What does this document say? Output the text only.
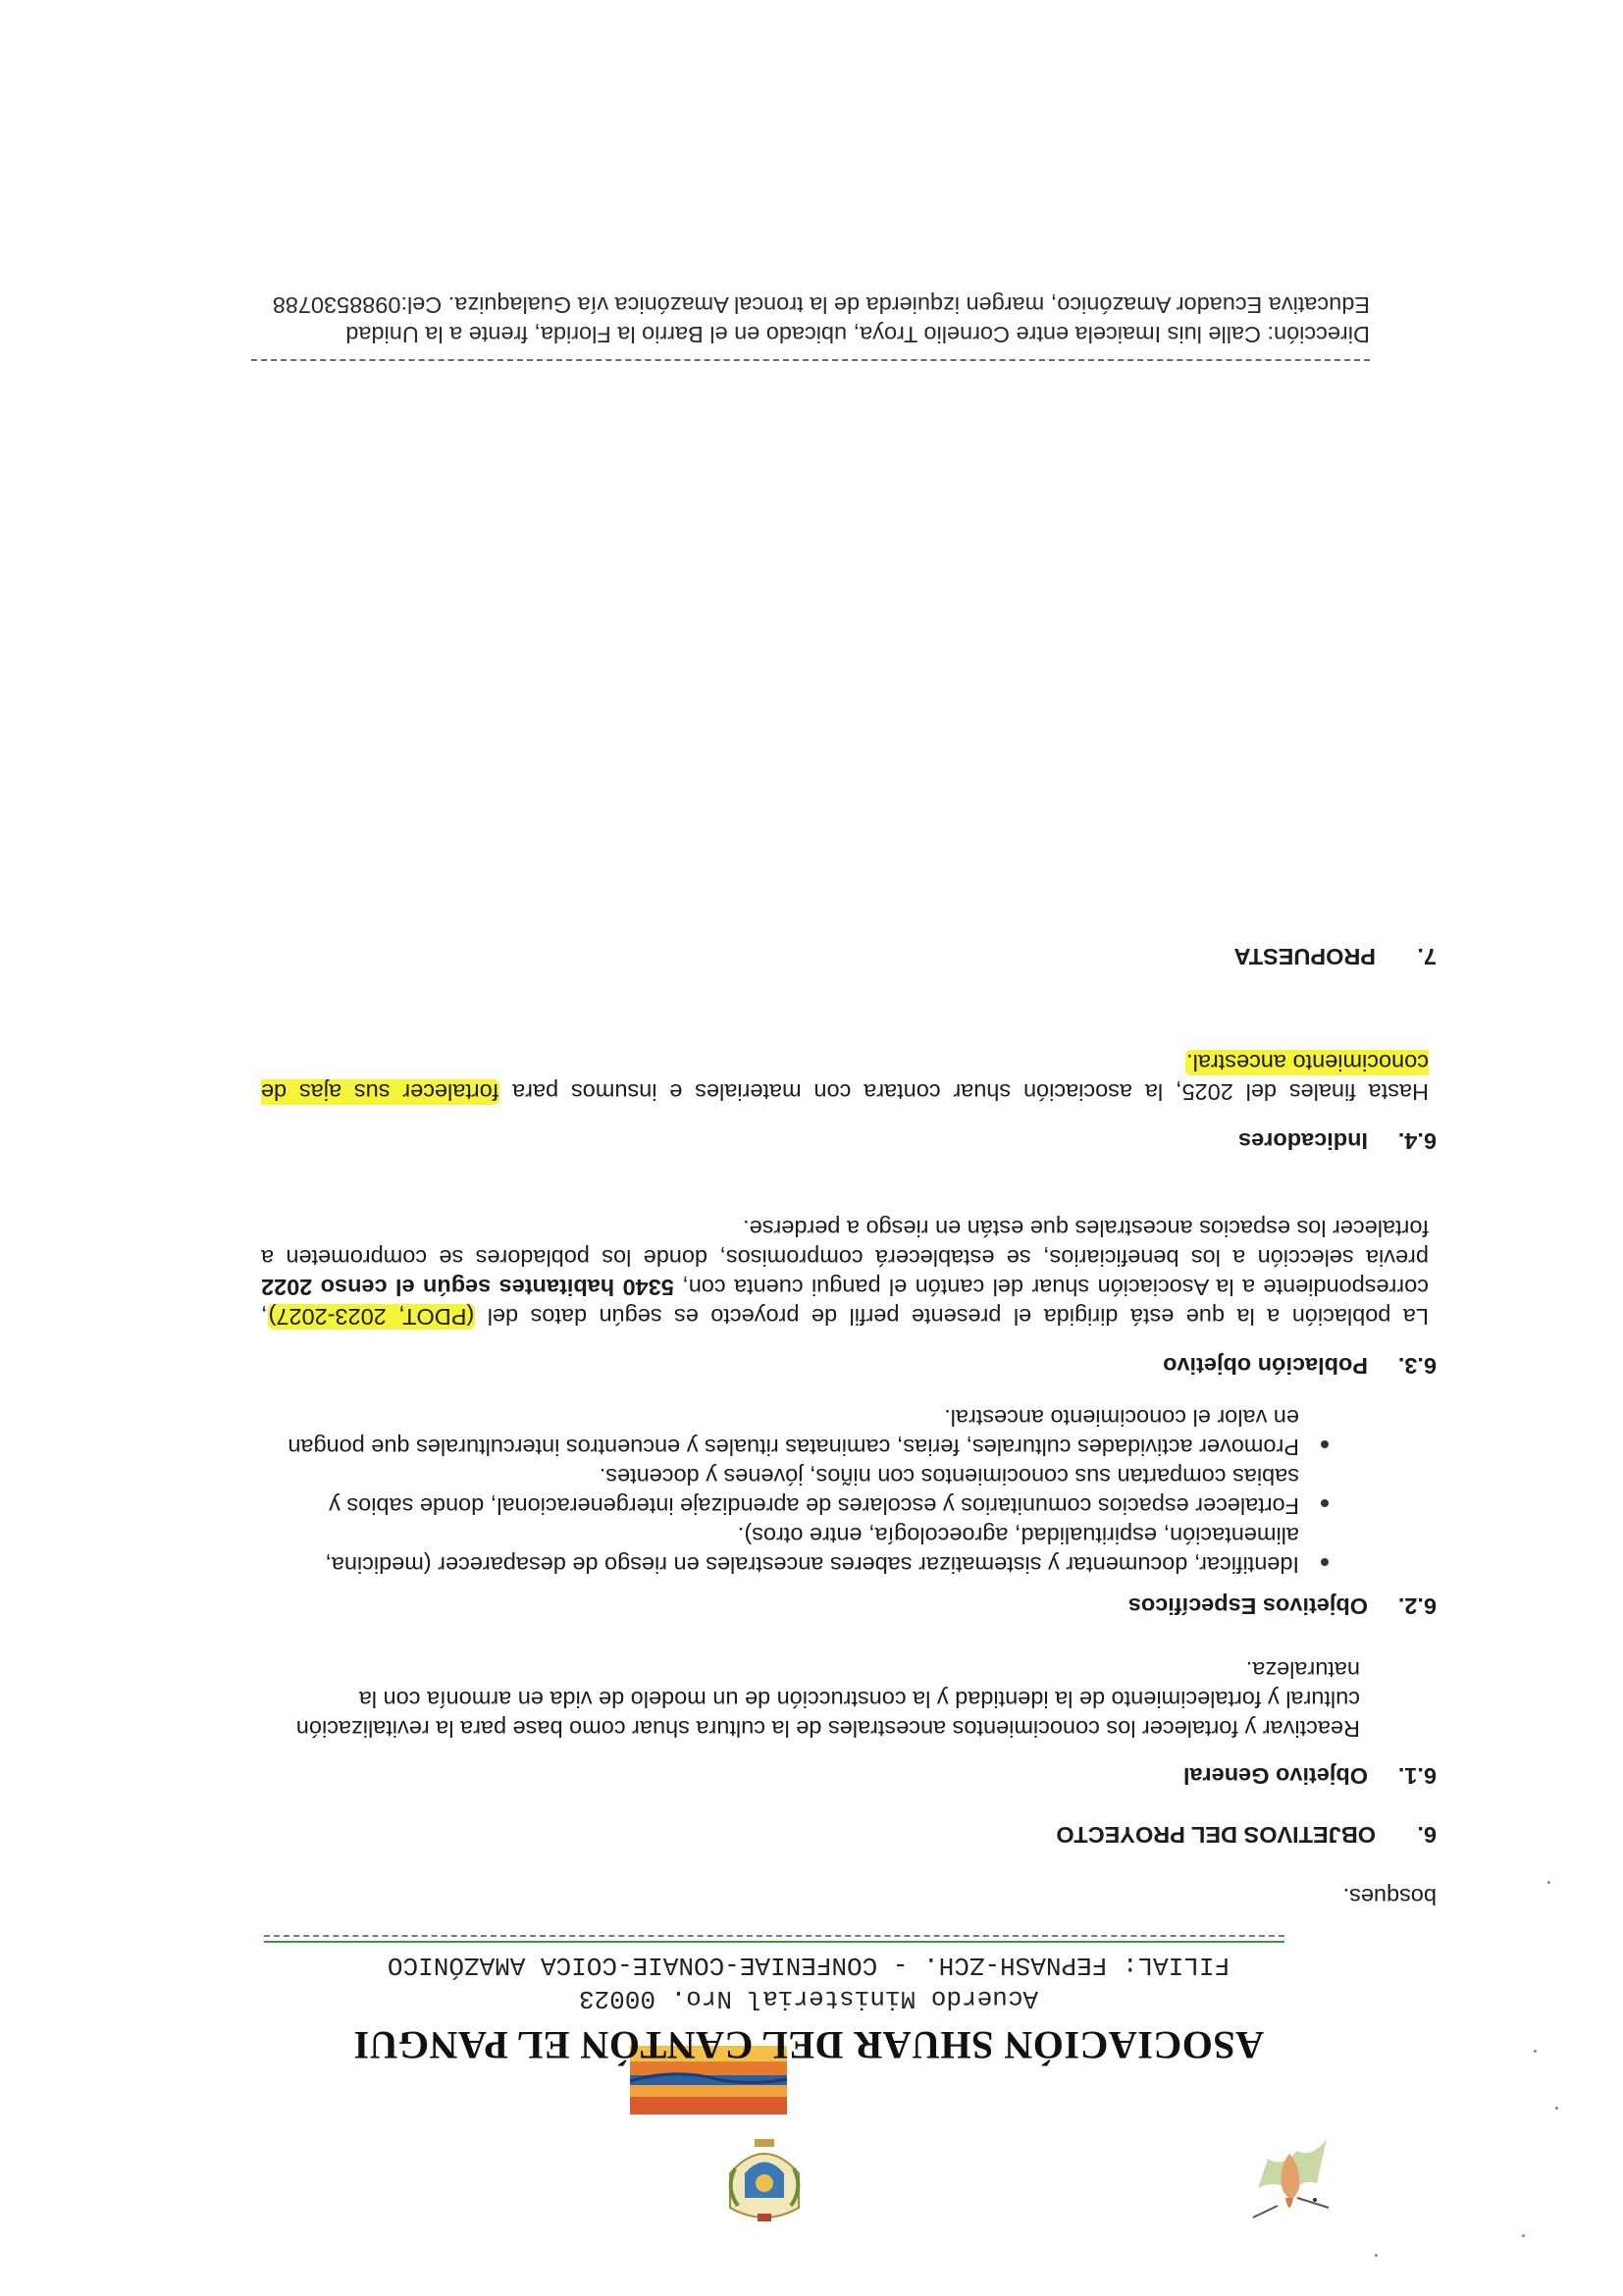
ASOCIACIÓN SHUAR DEL CANTÓN EL PANGUI
Acuerdo Ministerial Nro. 00023
FILIAL: FEPNASH-ZCH. - CONFENIAE-CONAIE-COICA AMAZÓNICO
bosques.
6.OBJETIVOS DEL PROYECTO
6.1.Objetivo General
Reactivar y fortalecer los conocimientos ancestrales de la cultura shuar como base para la revitalización cultural y fortalecimiento de la identidad y la construcción de un modelo de vida en armonía con la naturaleza.
6.2.Objetivos Específicos
Identificar, documentar y sistematizar saberes ancestrales en riesgo de desaparecer (medicina, alimentación, espiritualidad, agroecología, entre otros).
Fortalecer espacios comunitarios y escolares de aprendizaje intergeneracional, donde sabios y sabias compartan sus conocimientos con niños, jóvenes y docentes.
Promover actividades culturales, ferias, caminatas rituales y encuentros interculturales que pongan en valor el conocimiento ancestral.
6.3.Población objetivo
La población a la que está dirigida el presente perfil de proyecto es según datos del (PDOT, 2023-2027), correspondiente a la Asociación shuar del cantón el pangui cuenta con, 5340 habitantes según el censo 2022 previa selección a los beneficiarios, se establecerá compromisos, donde los pobladores se comprometen a fortalecer los espacios ancestrales que están en riesgo a perderse.
6.4.Indicadores
Hasta finales del 2025, la asociación shuar contara con materiales e insumos para fortalecer sus ajas de conocimiento ancestral.
7.PROPUESTA
Dirección: Calle luis Imaicela entre Cornelio Troya, ubicado en el Barrio la Florida, frente a la Unidad Educativa Ecuador Amazónico, margen izquierda de la troncal Amazónica vía Gualaquiza. Cel:0988530788
